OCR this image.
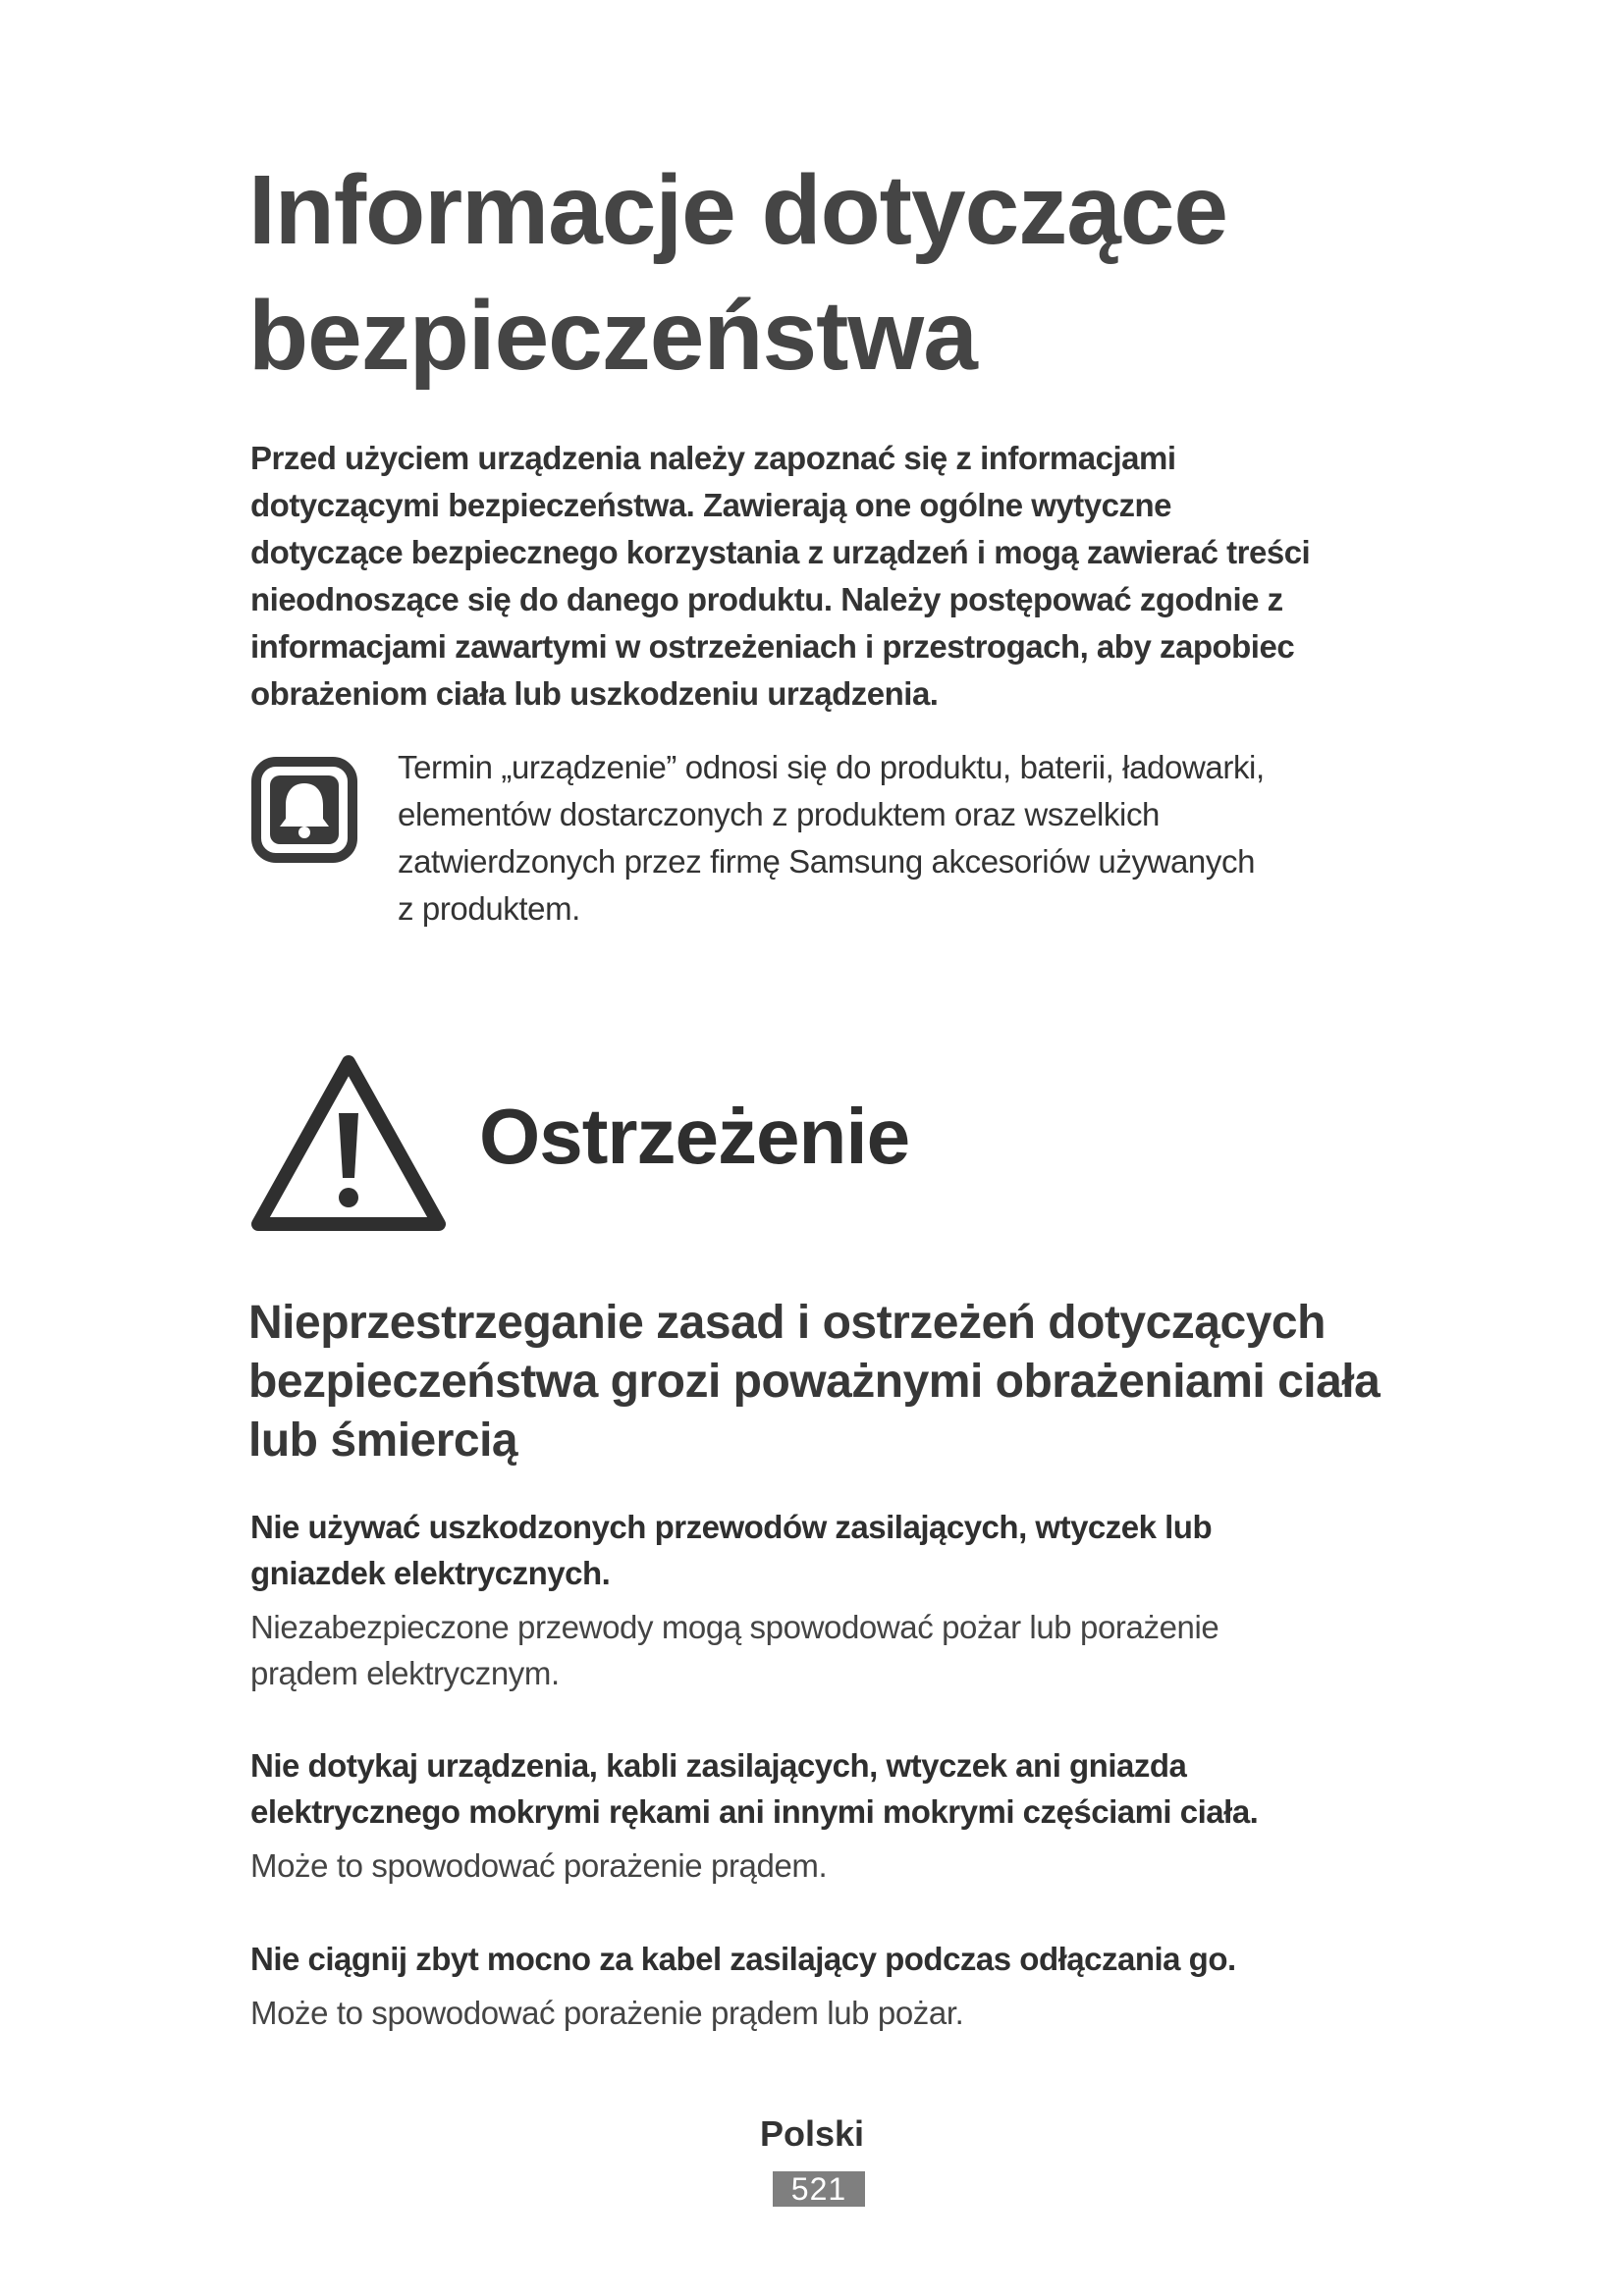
Informacje dotyczące
bezpieczeństwa

Przed użyciem urządzenia należy zapoznać się z informacjami
dotyczącymi bezpieczeństwa. Zawierają one ogólne wytyczne
dotyczące bezpiecznego korzystania z urządzeń i mogą zawierać treści
nieodnoszące się do danego produktu. Należy postępować zgodnie z
informacjami zawartymi w ostrzeżeniach i przestrogach, aby zapobiec
obrażeniom ciała lub uszkodzeniu urządzenia.

Termin „urządzenie” odnosi się do produktu, baterii, ładowarki,
elementów dostarczonych z produktem oraz wszelkich
zatwierdzonych przez firmę Samsung akcesoriów używanych
z produktem.

Ostrzeżenie
Nieprzestrzeganie zasad i ostrzeżeń dotyczących
bezpieczeństwa grozi poważnymi obrażeniami ciała
lub śmiercią

Nie używać uszkodzonych przewodów zasilających, wtyczek lub
gniazdek elektrycznych.

Niezabezpieczone przewody mogą spowodować pożar lub porażenie
prądem elektrycznym.

Nie dotykaj urządzenia, kabli zasilających, wtyczek ani gniazda
elektrycznego mokrymi rękami ani innymi mokrymi częściami ciała.

Może to spowodować porażenie prądem.

Nie ciągnij zbyt mocno za kabel zasilający podczas odłączania go.

Może to spowodować porażenie prądem lub pożar.

Polski

521
